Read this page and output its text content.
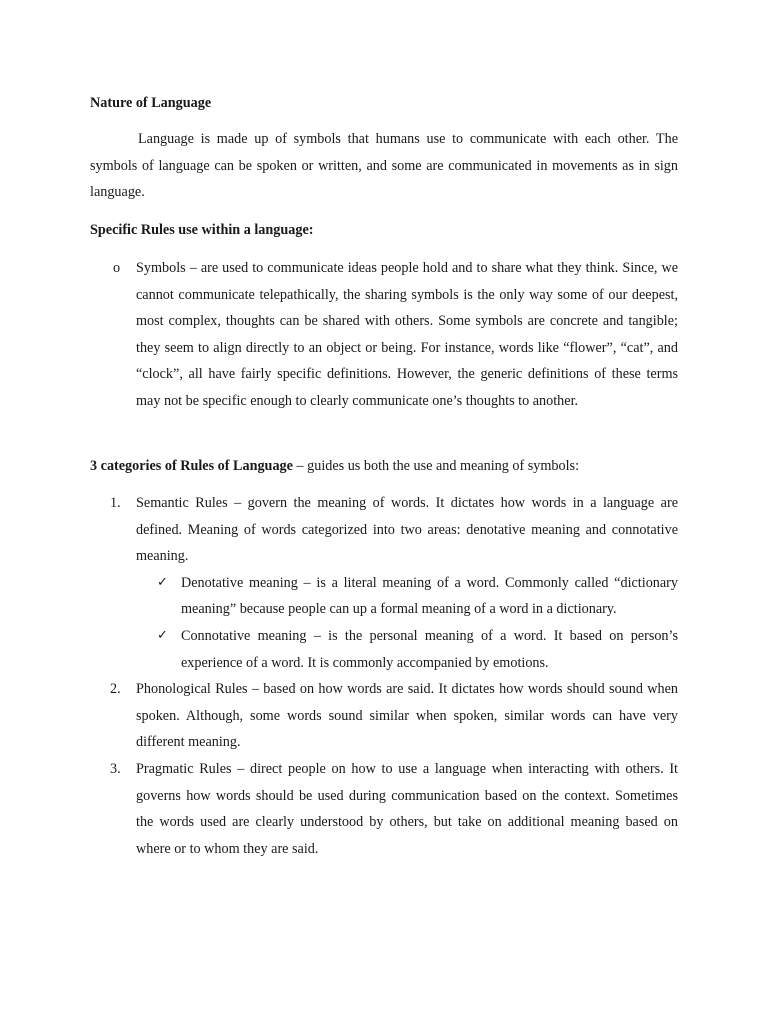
Nature of Language
Language is made up of symbols that humans use to communicate with each other. The symbols of language can be spoken or written, and some are communicated in movements as in sign language.
Specific Rules use within a language:
o	Symbols – are used to communicate ideas people hold and to share what they think. Since, we cannot communicate telepathically, the sharing symbols is the only way some of our deepest, most complex, thoughts can be shared with others. Some symbols are concrete and tangible; they seem to align directly to an object or being. For instance, words like “flower”, “cat”, and “clock”, all have fairly specific definitions. However, the generic definitions of these terms may not be specific enough to clearly communicate one’s thoughts to another.
3 categories of Rules of Language – guides us both the use and meaning of symbols:
1. Semantic Rules – govern the meaning of words. It dictates how words in a language are defined. Meaning of words categorized into two areas: denotative meaning and connotative meaning.
✓ Denotative meaning – is a literal meaning of a word. Commonly called “dictionary meaning” because people can up a formal meaning of a word in a dictionary.
✓ Connotative meaning – is the personal meaning of a word. It based on person’s experience of a word. It is commonly accompanied by emotions.
2. Phonological Rules – based on how words are said. It dictates how words should sound when spoken. Although, some words sound similar when spoken, similar words can have very different meaning.
3. Pragmatic Rules – direct people on how to use a language when interacting with others. It governs how words should be used during communication based on the context. Sometimes the words used are clearly understood by others, but take on additional meaning based on where or to whom they are said.
